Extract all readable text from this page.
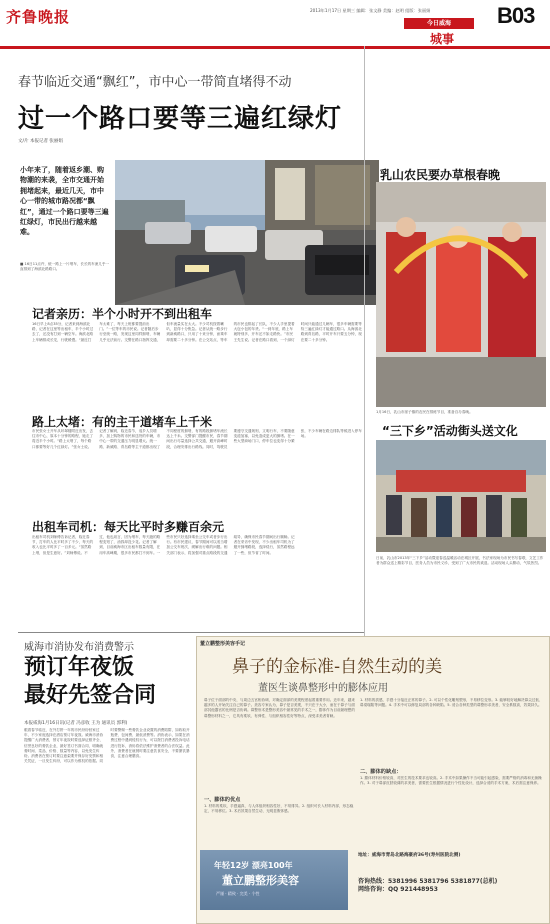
齐鲁晚报	2013年1月17日 星期三 编辑：张文静 美编：赵明 组版：张丽娟
今日威海
城事
B03
春节临近交通“飘红”，市中心一带简直堵得不动
过一个路口要等三遍红绿灯
文/片 本报记者 张丽娟
小年来了，随着返乡潮、购物潮的来袭，全市交通开始拥堵起来，最近几天，市中心一带的城市路况都“飘红”，通过一个路口要等三遍红绿灯，市民出行越来越难。
■ 16日11点许，统一路上一片堵车，长长的车流几乎一直排到了海滨北路路口。
16日早上8点35分，记者来到海滨北路，记者在这里等出租车，半个小时过去了，还没有打到一辆空车。海滨北路上车辆排成长龙，行驶缓慢。“最近打车太难了，每天上班都要提前出门。”一位等车的市民说。记者随后步行至统一路，发现这里同样拥堵，车辆几乎无法前行。交警在路口指挥交通，但车流量实在太大。不少司机按着喇叭，显得十分焦急。记者从统一路步行到新威路口，只用了十来分钟，而乘车却需要二十多分钟。在公交站点，等车的市民也排起了长队，不少人手里提着大包小包的年货。“一到年底，路上车就特别多，开车还不如走路快。”市民王先生说。记者在路口看到，一个绿灯时间只能通过几辆车，很多车辆需要等待三遍红绿灯才能通过路口。从海滨北路到青岛路，平时开车只要五分钟，现在要二十多分钟。
市民张女士开车从环翠楼附近出发，去往市中心，原本十分钟的路程，她走了将近半个小时。“路上太堵了，每个路口都要等好几个红绿灯。”张女士说。记者了解到，临近春节，返乡人员增多，加上购物的市民和送货的车辆，市中心一带的交通压力明显增大。统一路、新威路、青岛路等主干道都出现了不同程度的拥堵，有的路段拥堵车流长达上千米。交警部门提醒市民，春节期间出行尽量选择公共交通，避开高峰时段，合理安排出行路线。同时，驾驶员要遵守交通规则，文明行车，不要随意变道加塞，以免造成更大的拥堵。在一些大型商场门口，停车位也变得十分紧张，不少车辆在路边排队等候进入停车场。
出租车司机刘师傅告诉记者，临近春节，打车的人比平时多了不少，每天的收入也比平时多了一百多元。“虽然路上堵，但是生意好。”刘师傅说。不过，他也坦言，因为堵车，每天跑的路程变短了，油钱却没少花。记者了解到，目前威海市区出租车数量有限，在用车高峰期，很多市民都打不到车。一些市民只好选择乘坐公交车或者步行出行。有市民建议，春节期间可以适当增加公交车班次，缓解出行难的问题。相关部门表示，将加强对重点路段的交通疏导，确保市民春节期间出行顺畅。记者在采访中发现，不少出租车司机为了避开拥堵路段，选择绕行，虽然路程远了一些，但节省了时间。
记者亲历：半个小时开不到出租车
路上太堵：有的主干道堵车上千米
出租车司机：每天比平时多赚百余元
威海市消协发布消费警示
预订年夜饭
最好先签合同
本报威海1月16日讯(记者 冯彦收 王为 通讯员 郭利)
眼看春节临近，在外打拼一年的市民纷纷回家过年，不少家庭选择在酒店预订年夜饭。威海市消协提醒广大消费者，预订年夜饭时要选择证照齐全、信誉良好的餐饮企业，最好签订书面合同，明确就餐时间、菜品、价格、数量等内容，以免发生纠纷。消费者在预订时要注意索要并保存好发票和相关凭证，一旦发生纠纷，可以作为维权的依据。同时要警惕一些餐饮企业设置的消费陷阱，如收取开瓶费、包间费、最低消费等。消协表示，如果在消费过程中遇到侵权行为，可以拨打消费者投诉电话进行投诉，消协将依法维护消费者的合法权益。此外，消费者在就餐时要注意饮食安全，不要暴饮暴食，注意合理膳食。
乳山农民要办草根春晚
1月16日，乳山市崖子镇的农民在排练节目，准备自办春晚。
“三下乡”活动街头送文化
日前，乳山市2013年“三下乡”活动暨迎春送温暖活动在城区开展，书法家现场为市民书写春联，文艺工作者为群众送上精彩节目，医务人员为市民义诊，受到了广大市民的欢迎。活动现场人头攒动，气氛热烈。
董立鹏整形美容手记
鼻子的金标准-自然生动的美
董医生谈鼻整形中的膨体应用
鼻子位于面部的中央，与周边五官相协调，对确定面部的美观程度起着重要作用。近年来，越来越多的人开始关注自己的鼻子。美容专家认为，鼻子是否美观，不只在于大小，而在于鼻子与面部其他器官的比例是否协调。鼻整形术是整形美容中最常见的手术之一，膨体作为目前最理想的鼻整形材料之一，它具有柔软、有弹性、与组织相容性好等特点，深受求美者青睐。
一、膨体的优点
1. 材料的柔软，手感逼真，与人体组织相容性好，不易排异。2. 组织可长入材料内部，形态稳定，不易移位。3. 术后效果自然生动，无明显假体感。
1. 材料的质感，手感十分接近正常的鼻子。2. 可以个性化雕刻塑形，不易移位变形。3. 能够较好地解决鼻尖过低、鼻梁塌陷等问题。4. 手术中可以修复局部的各种缺陷。5. 适合各种类型的鼻整形求美者，安全系数高，效果持久。
二、膨体的缺点：
1. 膨体材料价格较高，对医生的技术要求也较高。2. 手术中如果操作不当可能引起感染，需要严格的消毒和无菌操作。3. 对于鼻部皮肤较薄的求美者，需要医生根据情况进行个性化设计，选择合适的手术方案，术后需注意保养。
年轻12岁 漂亮100年
董立鹏整形美容
严谨 · 精致 · 完美 · 个性
地址：威海市青岛北路海豪府36号(寿州医院北侧)
咨询热线：5381996 5381796 5381877(总机)
网络咨询：QQ 921448953
